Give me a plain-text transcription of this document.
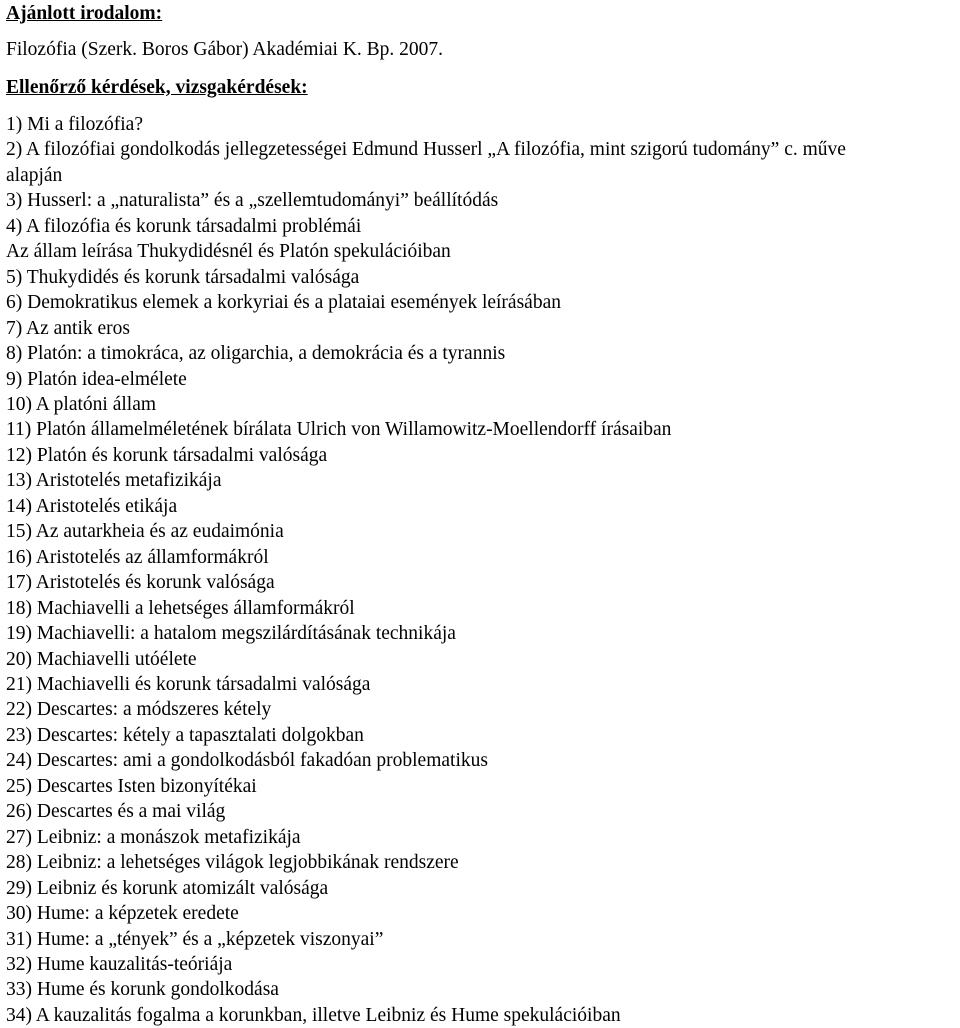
Ajánlott irodalom:
Filozófia (Szerk. Boros Gábor) Akadémiai K. Bp. 2007.
Ellenőrző kérdések, vizsgakérdések:
1) Mi a filozófia?
2) A filozófiai gondolkodás jellegzetességei Edmund Husserl „A filozófia, mint szigorú tudomány” c. műve
alapján
3) Husserl: a „naturalista” és a „szellemtudományi” beállítódás
4) A filozófia és korunk társadalmi problémái
Az állam leírása Thukydidésnél és Platón spekulációiban
5) Thukydidés és korunk társadalmi valósága
6) Demokratikus elemek a korkyriai és a plataiai események leírásában
7) Az antik eros
8) Platón: a timokráca, az oligarchia, a demokrácia és a tyrannis
9) Platón idea-elmélete
10) A platóni állam
11) Platón államelméletének bírálata Ulrich von Willamowitz-Moellendorff írásaiban
12) Platón és korunk társadalmi valósága
13) Aristotelés metafizikája
14) Aristotelés etikája
15) Az autarkheia és az eudaimónia
16) Aristotelés az államformákról
17) Aristotelés és korunk valósága
18) Machiavelli a lehetséges államformákról
19) Machiavelli: a hatalom megszilárdításának technikája
20) Machiavelli utóélete
21) Machiavelli és korunk társadalmi valósága
22) Descartes: a módszeres kétely
23) Descartes: kétely a tapasztalati dolgokban
24) Descartes: ami a gondolkodásból fakadóan problematikus
25) Descartes Isten bizonyítékai
26) Descartes és a mai világ
27) Leibniz: a monászok metafizikája
28) Leibniz: a lehetséges világok legjobbikának rendszere
29) Leibniz és korunk atomizált valósága
30) Hume: a képzetek eredete
31) Hume: a „tények” és a „képzetek viszonyai”
32) Hume kauzalitás-teóriája
33) Hume és korunk gondolkodása
34) A kauzalitás fogalma a korunkban, illetve Leibniz és Hume spekulációiban
